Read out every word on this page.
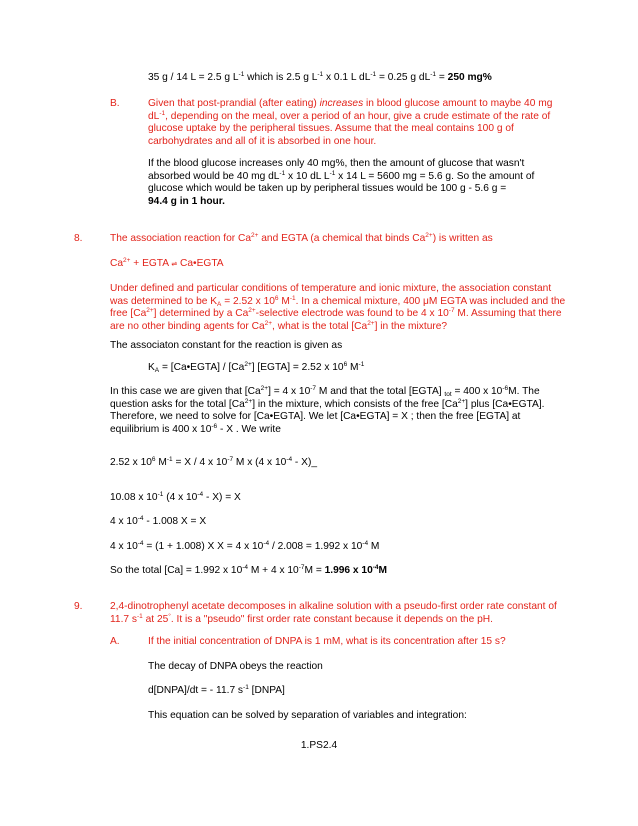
35 g / 14 L = 2.5 g $L^{-1}$ which is 2.5 g $L^{-1}$ x 0.1 L $dL^{-1} = 0.25$ g $dL^{-1} = 250$ mg%

B.	Given that post-prandial (after eating) increases in blood glucose amount to maybe 40 mg $dL^{-1}$, depending on the meal, over a period of an hour, give a crude estimate of the rate of glucose uptake by the peripheral tissues. Assume that the meal contains 100 g of carbohydrates and all of it is absorbed in one hour.

If the blood glucose increases only 40 mg%, then the amount of glucose that wasn't absorbed would be 40 mg $dL^{-1}$ x 10 dL $L^{-1}$ x 14 L = 5600 mg = 5.6 g. So the amount of glucose which would be taken up by peripheral tissues would be 100 g - 5.6 g =
94.4 g in 1 hour.

8.	The association reaction for $Ca^{2+}$ and EGTA (a chemical that binds $Ca^{2+}$) is written as

$Ca^{2+}$ + EGTA ⇌ Ca•EGTA

Under defined and particular conditions of temperature and ionic mixture, the association constant was determined to be $K_A = 2.52$ x $10^6$ $M^{-1}$. In a chemical mixture, 400 μM EGTA was included and the free $[Ca^{2+}]$ determined by a $Ca^{2+}$-selective electrode was found to be 4 x $10^{-7}$ M. Assuming that there are no other binding agents for $Ca^{2+}$, what is the total $[Ca^{2+}]$ in the mixture?

The associaton constant for the reaction is given as

$K_A$ = [Ca•EGTA] / $[Ca^{2+}]$ [EGTA] = 2.52 x $10^6$ $M^{-1}$

In this case we are given that $[Ca^{2+}] = 4$ x $10^{-7}$ M and that the total [EGTA] $_{tot}$ = 400 x $10^{-6}M$. The question asks for the total $[Ca^{2+}]$ in the mixture, which consists of the free $[Ca^{2+}]$ plus [Ca•EGTA]. Therefore, we need to solve for [Ca•EGTA]. We let [Ca•EGTA] = X ; then the free [EGTA] at equilibrium is 400 x $10^{-6}$ - X . We write

2.52 x $10^6$ $M^{-1} = X / 4$ x $10^{-7}$ M x (4 x $10^{-4}$ - X)_

10.08 x $10^{-1}$ (4 x $10^{-4} - X) = X$

4 x $10^{-4} - 1.008$ X = X

4 x $10^{-4} = (1 + 1.008)$ X X = 4 x $10^{-4} / 2.008 = 1.992$ x $10^{-4}$ M

So the total [Ca] = 1.992 x $10^{-4}$ M + 4 x $10^{-7}M = 1.996$ x $10^{-4}M$

9.	2,4-dinotrophenyl acetate decomposes in alkaline solution with a pseudo-first order rate constant of 11.7 $s^{-1}$ at 25°. It is a "pseudo" first order rate constant because it depends on the pH.

A.	If the initial concentration of DNPA is 1 mM, what is its concentration after 15 s?

The decay of DNPA obeys the reaction

d[DNPA]/dt = - 11.7 $s^{-1}$ [DNPA]

This equation can be solved by separation of variables and integration:

1.PS2.4
